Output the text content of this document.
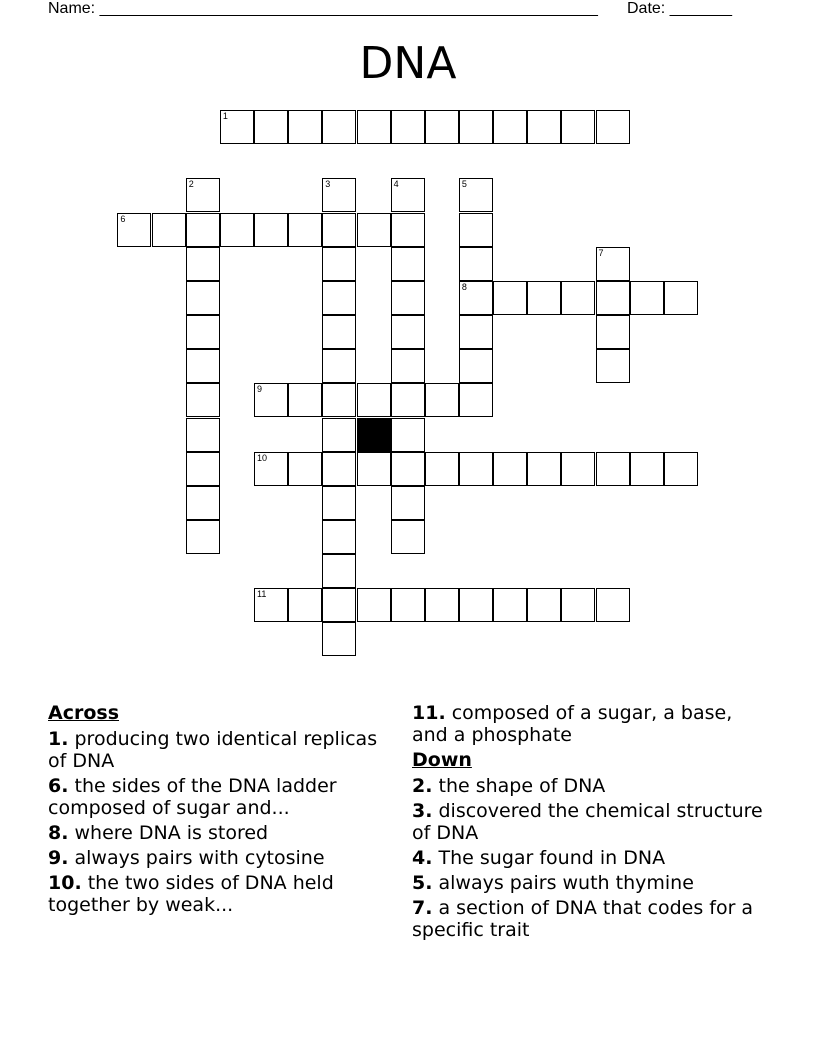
Name: ________________________________________________________ Date: _______
DNA
1
2	3	4	5
6
7
8
9
10
11
Across
1. producing two identical replicas of DNA
6. the sides of the DNA ladder composed of sugar and...
8. where DNA is stored
9. always pairs with cytosine
10. the two sides of DNA held together by weak...
11. composed of a sugar, a base, and a phosphate
Down
2. the shape of DNA
3. discovered the chemical structure of DNA
4. The sugar found in DNA
5. always pairs wuth thymine
7. a section of DNA that codes for a specific trait
